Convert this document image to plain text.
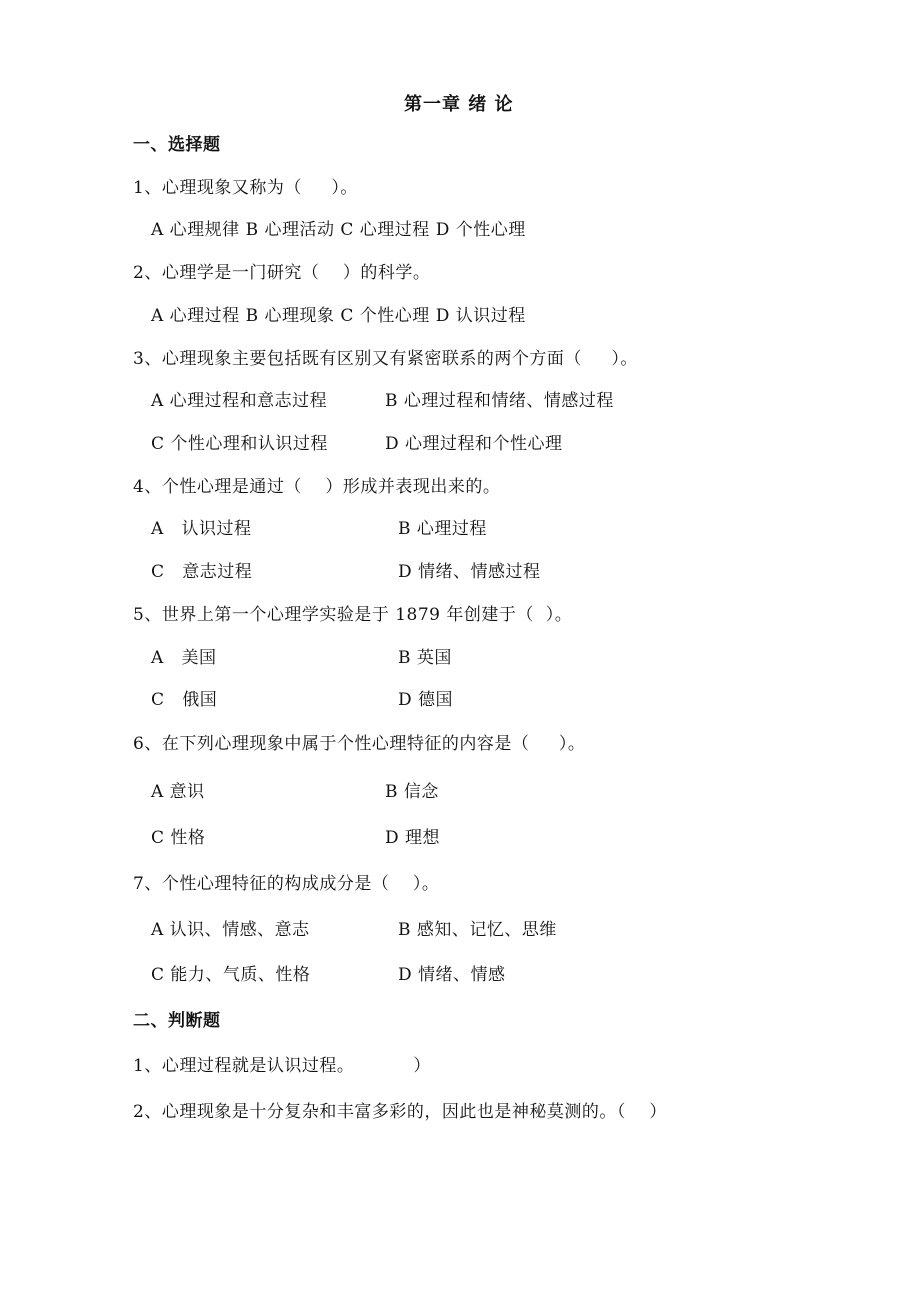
第一章 绪 论
一、选择题
1、心理现象又称为（     ）。
A 心理规律 B 心理活动 C 心理过程 D 个性心理
2、心理学是一门研究（    ）的科学。
A 心理过程 B 心理现象 C 个性心理 D 认识过程
3、心理现象主要包括既有区别又有紧密联系的两个方面（     ）。
A 心理过程和意志过程	B 心理过程和情绪、情感过程
C 个性心理和认识过程	D 心理过程和个性心理
4、个性心理是通过（    ）形成并表现出来的。
A   认识过程	B 心理过程
C   意志过程	D 情绪、情感过程
5、世界上第一个心理学实验是于 1879 年创建于（  ）。
A   美国	B 英国
C   俄国	D 德国
6、在下列心理现象中属于个性心理特征的内容是（     ）。
A 意识	B 信念
C 性格	D 理想
7、个性心理特征的构成成分是（    ）。
A 认识、情感、意志	B 感知、记忆、思维
C 能力、气质、性格	D 情绪、情感
二、判断题
1、心理过程就是认识过程。          ）
2、心理现象是十分复杂和丰富多彩的，因此也是神秘莫测的。（    ）
